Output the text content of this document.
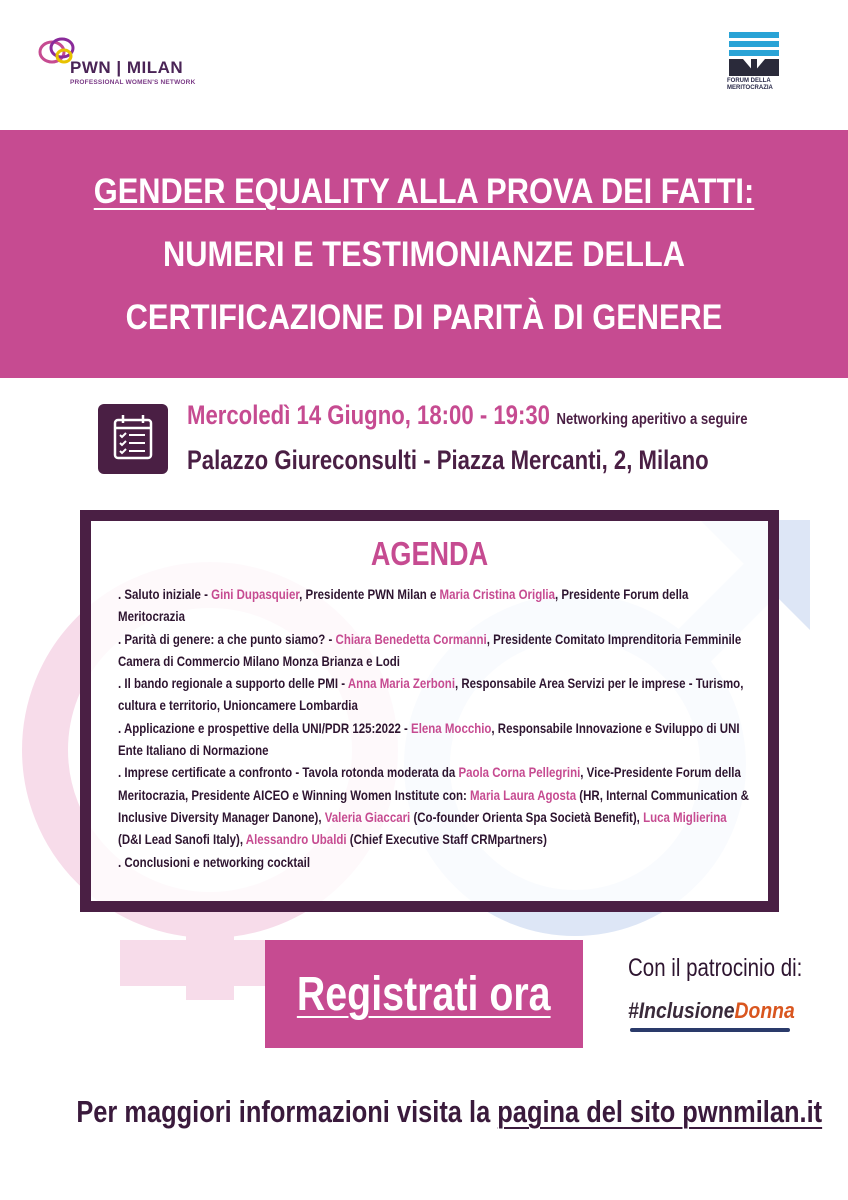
PWN | MILAN
PROFESSIONAL WOMEN'S NETWORK	FORUM DELLA
MERITOCRAZIA
GENDER EQUALITY ALLA PROVA DEI FATTI:
NUMERI E TESTIMONIANZE DELLA
CERTIFICAZIONE DI PARITÀ DI GENERE
Mercoledì 14 Giugno, 18:00 - 19:30 Networking aperitivo a seguire
Palazzo Giureconsulti - Piazza Mercanti, 2, Milano
AGENDA

. Saluto iniziale - Gini Dupasquier, Presidente PWN Milan e Maria Cristina Origlia, Presidente Forum della Meritocrazia

. Parità di genere: a che punto siamo? - Chiara Benedetta Cormanni, Presidente Comitato Imprenditoria Femminile Camera di Commercio Milano Monza Brianza e Lodi

. Il bando regionale a supporto delle PMI - Anna Maria Zerboni, Responsabile Area Servizi per le imprese - Turismo, cultura e territorio, Unioncamere Lombardia

. Applicazione e prospettive della UNI/PDR 125:2022 - Elena Mocchio, Responsabile Innovazione e Sviluppo di UNI Ente Italiano di Normazione

. Imprese certificate a confronto - Tavola rotonda moderata da Paola Corna Pellegrini, Vice-Presidente Forum della Meritocrazia, Presidente AICEO e Winning Women Institute con: Maria Laura Agosta (HR, Internal Communication & Inclusive Diversity Manager Danone), Valeria Giaccari (Co-founder Orienta Spa Società Benefit), Luca Miglierina (D&I Lead Sanofi Italy), Alessandro Ubaldi (Chief Executive Staff CRMpartners)

. Conclusioni e networking cocktail

Registrati ora	Con il patrocinio di:
#InclusioneDonna
Per maggiori informazioni visita la pagina del sito pwnmilan.it
